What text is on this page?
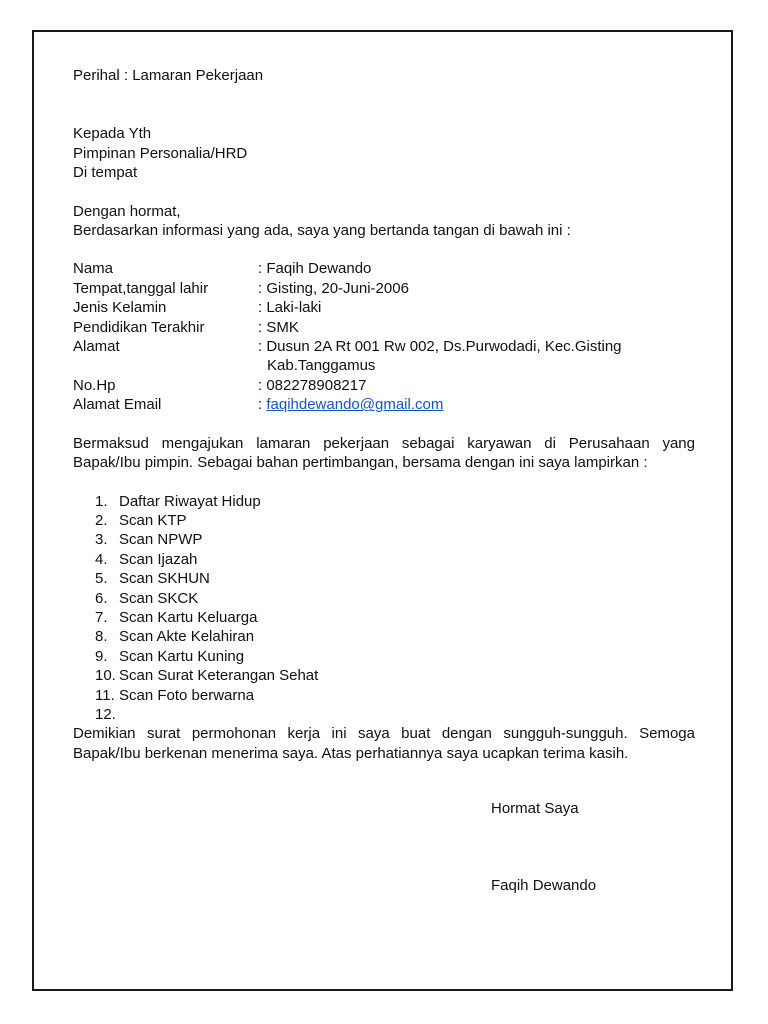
Perihal : Lamaran Pekerjaan

Kepada Yth

Pimpinan Personalia/HRD

Di tempat

Dengan hormat,

Berdasarkan informasi yang ada, saya yang bertanda tangan di bawah ini :

Nama	: Faqih Dewando
Tempat,tanggal lahir	: Gisting, 20-Juni-2006
Jenis Kelamin	: Laki-laki
Pendidikan Terakhir	: SMK
Alamat	: Dusun 2A Rt 001 Rw 002, Ds.Purwodadi, Kec.Gisting
Kab.Tanggamus
No.Hp	: 082278908217
Alamat Email	: faqihdewando@gmail.com

Bermaksud mengajukan lamaran pekerjaan sebagai karyawan di Perusahaan yang

Bapak/Ibu pimpin. Sebagai bahan pertimbangan, bersama dengan ini saya lampirkan :

1. Daftar Riwayat Hidup
2. Scan KTP
3. Scan NPWP
4. Scan Ijazah
5. Scan SKHUN
6. Scan SKCK
7. Scan Kartu Keluarga
8. Scan Akte Kelahiran
9. Scan Kartu Kuning
10. Scan Surat Keterangan Sehat
11. Scan Foto berwarna
12.

Demikian surat permohonan kerja ini saya buat dengan sungguh-sungguh. Semoga

Bapak/Ibu berkenan menerima saya. Atas perhatiannya saya ucapkan terima kasih.

Hormat Saya
Faqih Dewando
